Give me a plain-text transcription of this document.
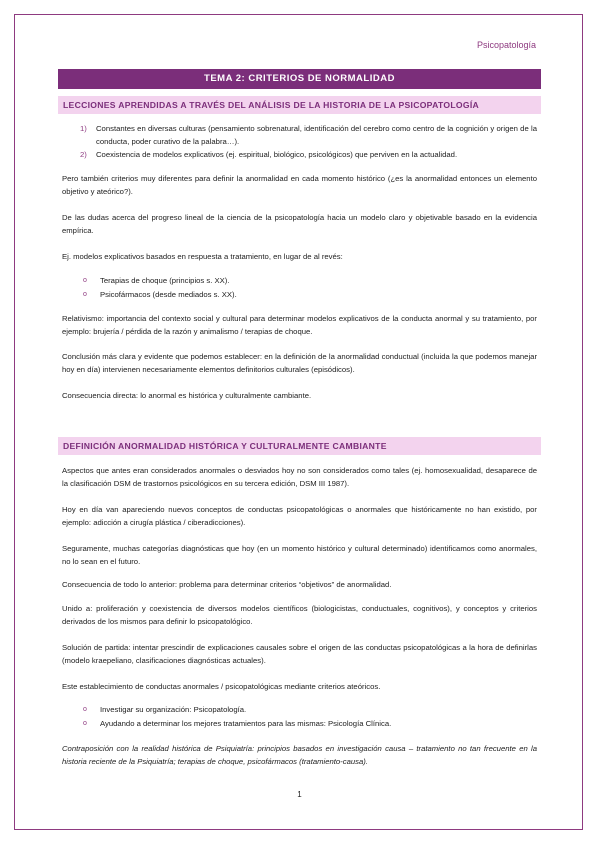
Psicopatología
TEMA 2: CRITERIOS DE NORMALIDAD
LECCIONES APRENDIDAS A TRAVÉS DEL ANÁLISIS DE LA HISTORIA DE LA PSICOPATOLOGÍA
1) Constantes en diversas culturas (pensamiento sobrenatural, identificación del cerebro como centro de la cognición y origen de la conducta, poder curativo de la palabra…).
2) Coexistencia de modelos explicativos (ej. espiritual, biológico, psicológicos) que perviven en la actualidad.

Pero también criterios muy diferentes para definir la anormalidad en cada momento histórico (¿es la anormalidad entonces un elemento objetivo y ateórico?).

De las dudas acerca del progreso lineal de la ciencia de la psicopatología hacia un modelo claro y objetivable basado en la evidencia empírica.

Ej. modelos explicativos basados en respuesta a tratamiento, en lugar de al revés:

o Terapias de choque (principios s. XX).
o Psicofármacos (desde mediados s. XX).

Relativismo: importancia del contexto social y cultural para determinar modelos explicativos de la conducta anormal y su tratamiento, por ejemplo: brujería / pérdida de la razón y animalismo / terapias de choque.

Conclusión más clara y evidente que podemos establecer: en la definición de la anormalidad conductual (incluida la que podemos manejar hoy en día) intervienen necesariamente elementos definitorios culturales (episódicos).

Consecuencia directa: lo anormal es histórica y culturalmente cambiante.

DEFINICIÓN ANORMALIDAD HISTÓRICA Y CULTURALMENTE CAMBIANTE

Aspectos que antes eran considerados anormales o desviados hoy no son considerados como tales (ej. homosexualidad, desaparece de la clasificación DSM de trastornos psicológicos en su tercera edición, DSM III 1987).

Hoy en día van apareciendo nuevos conceptos de conductas psicopatológicas o anormales que históricamente no han existido, por ejemplo: adicción a cirugía plástica / ciberadicciones).

Seguramente, muchas categorías diagnósticas que hoy (en un momento histórico y cultural determinado) identificamos como anormales, no lo sean en el futuro.

Consecuencia de todo lo anterior: problema para determinar criterios “objetivos” de anormalidad.

Unido a: proliferación y coexistencia de diversos modelos científicos (biologicistas, conductuales, cognitivos), y conceptos y criterios derivados de los mismos para definir lo psicopatológico.

Solución de partida: intentar prescindir de explicaciones causales sobre el origen de las conductas psicopatológicas a la hora de definirlas (modelo kraepeliano, clasificaciones diagnósticas actuales).

Este establecimiento de conductas anormales / psicopatológicas mediante criterios ateóricos.

o Investigar su organización: Psicopatología.
o Ayudando a determinar los mejores tratamientos para las mismas: Psicología Clínica.

Contraposición con la realidad histórica de Psiquiatría: principios basados en investigación causa – tratamiento no tan frecuente en la historia reciente de la Psiquiatría; terapias de choque, psicofármacos (tratamiento-causa).

1
